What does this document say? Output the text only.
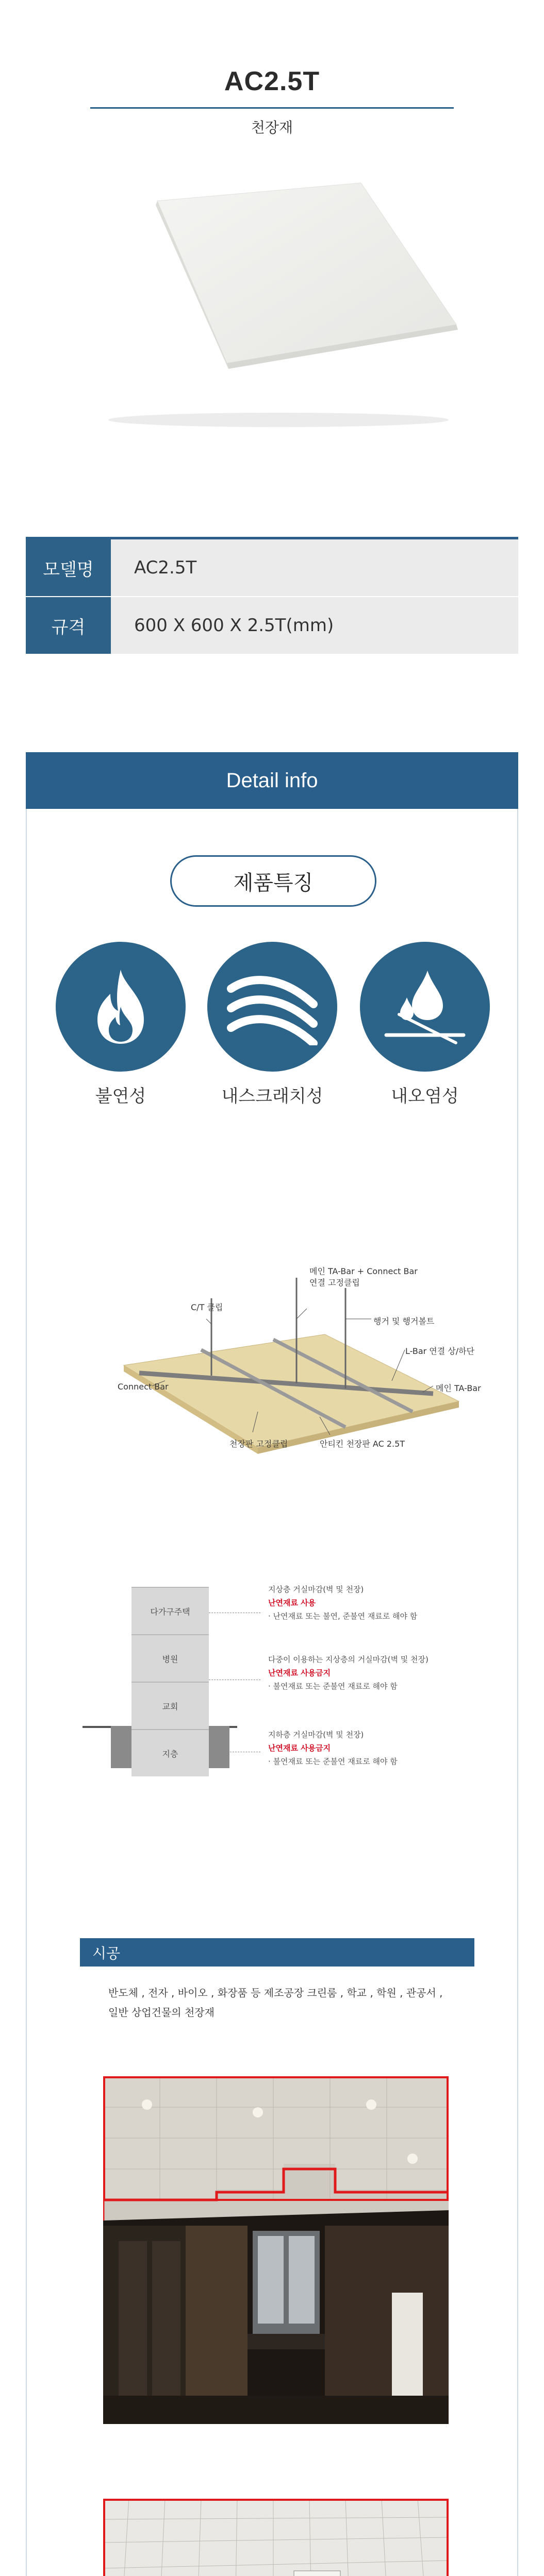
AC2.5T
천장재
모델명	AC2.5T
규격	600 X 600 X 2.5T(mm)
Detail info
제품특징
불연성	내스크래치성	내오염성
메인 TA-Bar + Connect Bar
연결 고정클립
C/T 클립
행거 및 행거볼트
L-Bar 연결 상/하단
메인 TA-Bar
Connect Bar
천장판 고정클립	안티킨 천장판 AC 2.5T
다가구주택
병원
교회
지층
지상층 거실마감(벽 및 천장)
난연재료 사용
· 난연재료 또는 불연, 준불연 재료로 해야 함
다중이 이용하는 지상층의 거실마감(벽 및 천장)
난연재료 사용금지
· 불연재료 또는 준불연 재료로 해야 함
지하층 거실마감(벽 및 천장)
난연재료 사용금지
· 불연재료 또는 준불연 재료로 해야 함
시공
반도체 , 전자 , 바이오 , 화장품 등 제조공장 크린룸 , 학교 , 학원 , 관공서 ,
일반 상업건물의 천장재
